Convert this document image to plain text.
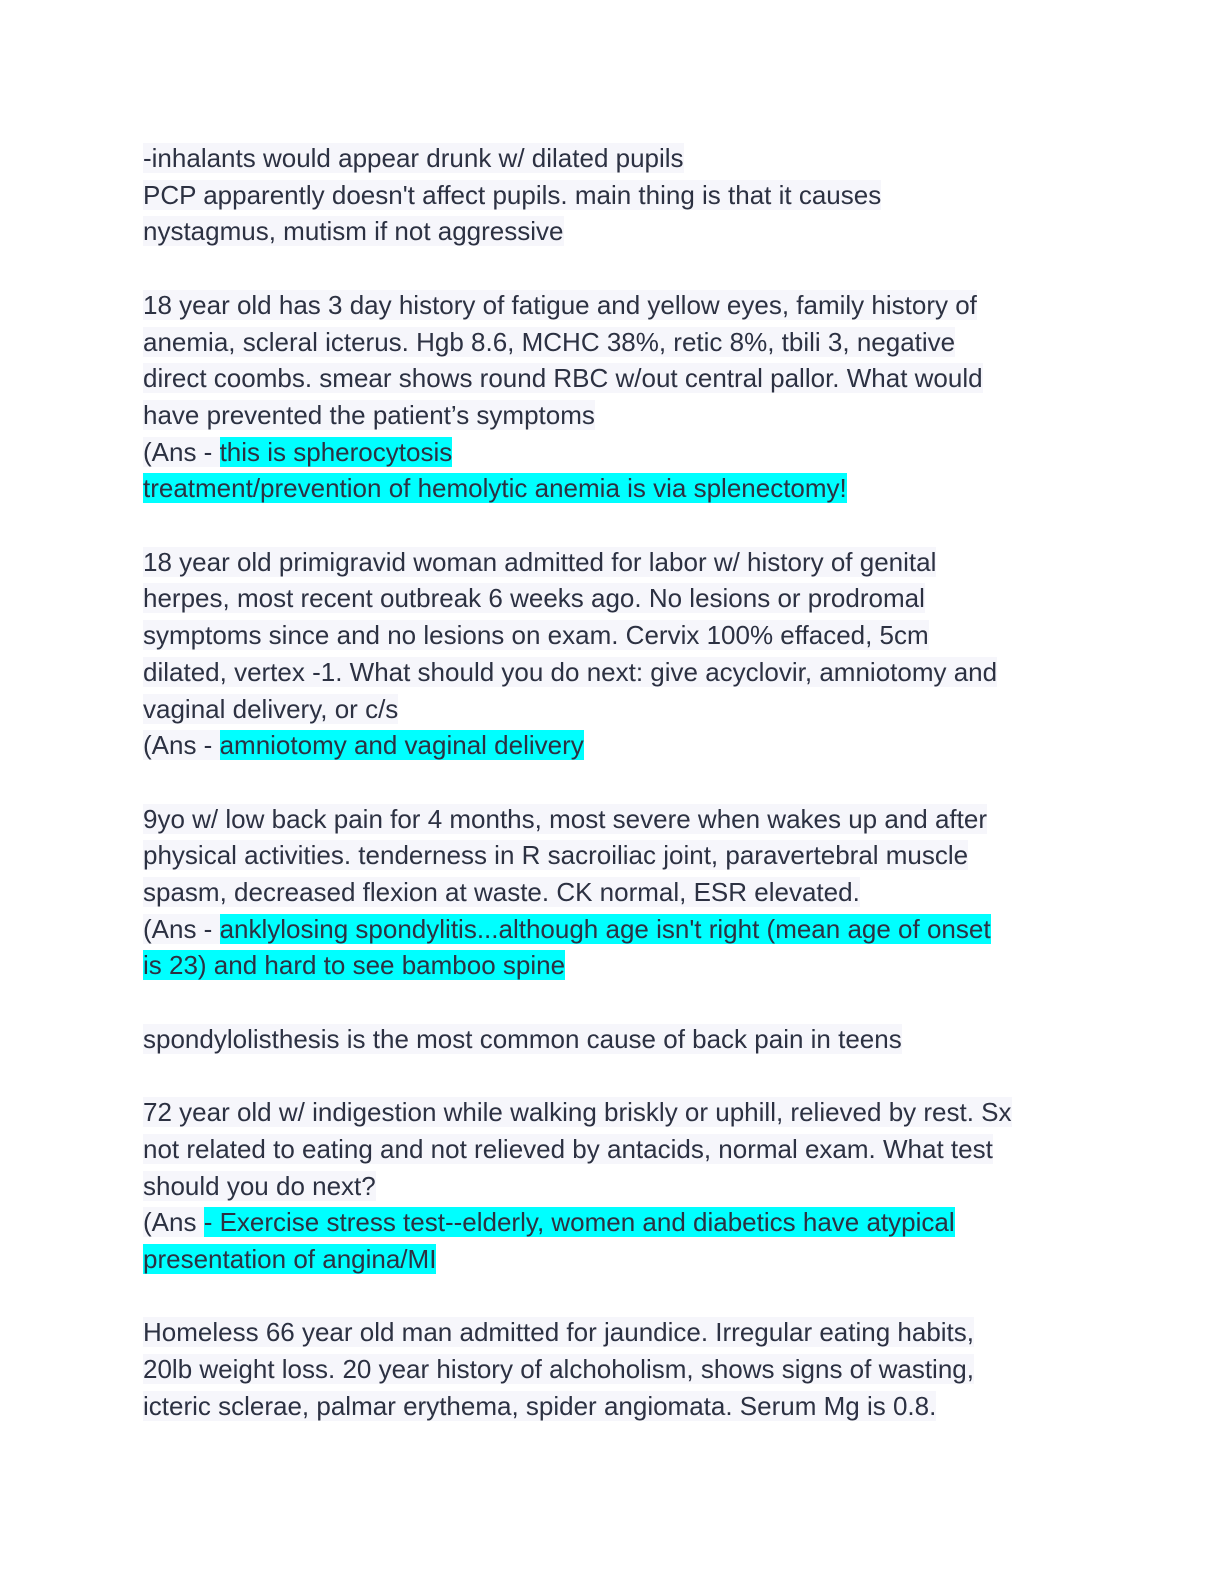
-inhalants would appear drunk w/ dilated pupils
PCP apparently doesn't affect pupils. main thing is that it causes
nystagmus, mutism if not aggressive
18 year old has 3 day history of fatigue and yellow eyes, family history of
anemia, scleral icterus. Hgb 8.6, MCHC 38%, retic 8%, tbili 3, negative
direct coombs. smear shows round RBC w/out central pallor. What would
have prevented the patient’s symptoms
(Ans - this is spherocytosis
treatment/prevention of hemolytic anemia is via splenectomy!
18 year old primigravid woman admitted for labor w/ history of genital
herpes, most recent outbreak 6 weeks ago. No lesions or prodromal
symptoms since and no lesions on exam. Cervix 100% effaced, 5cm
dilated, vertex -1. What should you do next: give acyclovir, amniotomy and
vaginal delivery, or c/s
(Ans - amniotomy and vaginal delivery
9yo w/ low back pain for 4 months, most severe when wakes up and after
physical activities. tenderness in R sacroiliac joint, paravertebral muscle
spasm, decreased flexion at waste. CK normal, ESR elevated.
(Ans - anklylosing spondylitis...although age isn't right (mean age of onset
is 23) and hard to see bamboo spine
spondylolisthesis is the most common cause of back pain in teens
72 year old w/ indigestion while walking briskly or uphill, relieved by rest. Sx
not related to eating and not relieved by antacids, normal exam. What test
should you do next?
(Ans - Exercise stress test--elderly, women and diabetics have atypical
presentation of angina/MI
Homeless 66 year old man admitted for jaundice. Irregular eating habits,
20lb weight loss. 20 year history of alchoholism, shows signs of wasting,
icteric sclerae, palmar erythema, spider angiomata. Serum Mg is 0.8.
